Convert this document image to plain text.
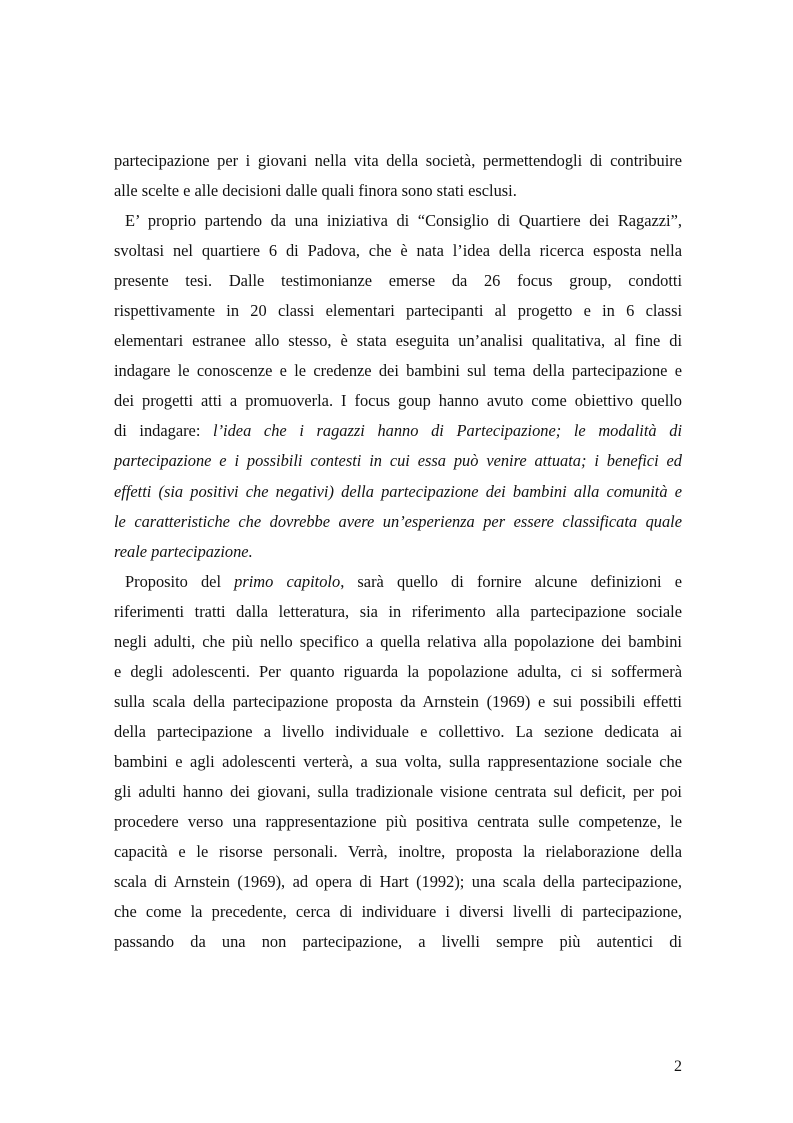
partecipazione per i giovani nella vita della società, permettendogli di contribuire
alle scelte e alle decisioni dalle quali finora sono stati esclusi.
E’ proprio partendo da una iniziativa di “Consiglio di Quartiere dei Ragazzi”,
svoltasi nel quartiere 6 di Padova, che è nata l’idea della ricerca esposta nella
presente tesi. Dalle testimonianze emerse da 26 focus group, condotti
rispettivamente in 20 classi elementari partecipanti al progetto e in 6 classi
elementari estranee allo stesso, è stata eseguita un’analisi qualitativa, al fine di
indagare le conoscenze e le credenze dei bambini sul tema della partecipazione e
dei progetti atti a promuoverla. I focus goup hanno avuto come obiettivo quello
di indagare: l’idea che i ragazzi hanno di Partecipazione; le modalità di
partecipazione e i possibili contesti in cui essa può venire attuata; i benefici ed
effetti (sia positivi che negativi) della partecipazione dei bambini alla comunità e
le caratteristiche che dovrebbe avere un’esperienza per essere classificata quale
reale partecipazione.
Proposito del primo capitolo, sarà quello di fornire alcune definizioni e
riferimenti tratti dalla letteratura, sia in riferimento alla partecipazione sociale
negli adulti, che più nello specifico a quella relativa alla popolazione dei bambini
e degli adolescenti. Per quanto riguarda la popolazione adulta, ci si soffermerà
sulla scala della partecipazione proposta da Arnstein (1969) e sui possibili effetti
della partecipazione a livello individuale e collettivo. La sezione dedicata ai
bambini e agli adolescenti verterà, a sua volta, sulla rappresentazione sociale che
gli adulti hanno dei giovani, sulla tradizionale visione centrata sul deficit, per poi
procedere verso una rappresentazione più positiva centrata sulle competenze, le
capacità e le risorse personali. Verrà, inoltre, proposta la rielaborazione della
scala di Arnstein (1969), ad opera di Hart (1992); una scala della partecipazione,
che come la precedente, cerca di individuare i diversi livelli di partecipazione,
passando da una non partecipazione, a livelli sempre più autentici di
2
